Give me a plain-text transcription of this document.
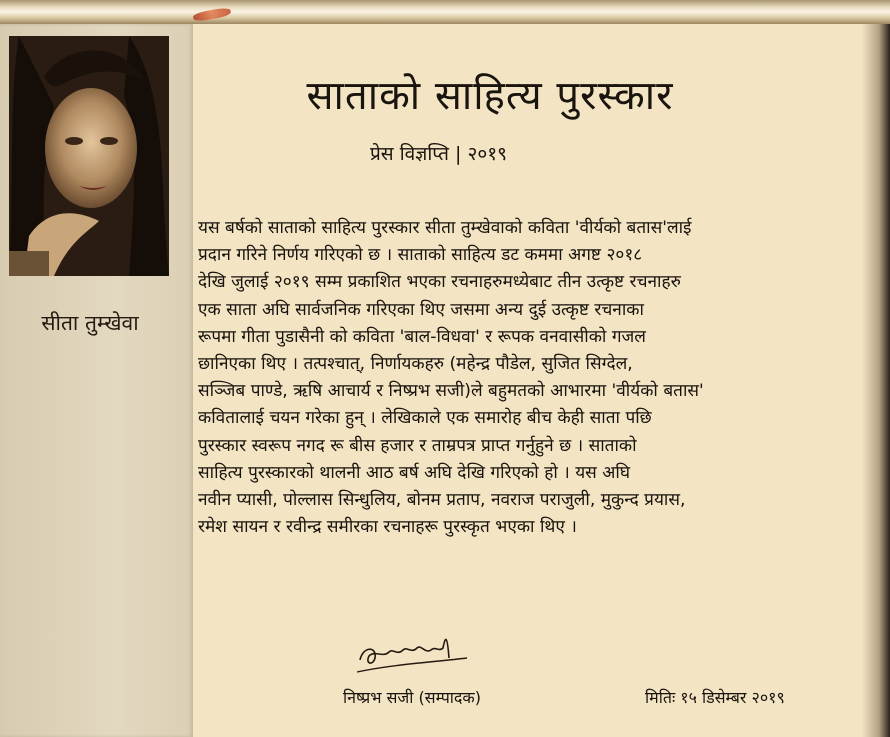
सीता तुम्खेवा
साताको साहित्य पुरस्कार
प्रेस विज्ञप्ति | २०१९
यस बर्षको साताको साहित्य पुरस्कार सीता तुम्खेवाको कविता 'वीर्यको बतास'लाई
प्रदान गरिने निर्णय गरिएको छ । साताको साहित्य डट कममा अगष्ट २०१८
देखि जुलाई २०१९ सम्म प्रकाशित भएका रचनाहरुमध्येबाट तीन उत्कृष्ट रचनाहरु
एक साता अघि सार्वजनिक गरिएका थिए जसमा अन्य दुई उत्कृष्ट रचनाका
रूपमा गीता पुडासैनी को कविता 'बाल-विधवा' र रूपक वनवासीको गजल
छानिएका थिए । तत्पश्चात्, निर्णायकहरु (महेन्द्र पौडेल, सुजित सिग्देल,
सञ्जिब पाण्डे, ऋषि आचार्य र निष्प्रभ सजी)ले बहुमतको आभारमा 'वीर्यको बतास'
कवितालाई चयन गरेका हुन् । लेखिकाले एक समारोह बीच केही साता पछि
पुरस्कार स्वरूप नगद रू बीस हजार र ताम्रपत्र प्राप्त गर्नुहुने छ । साताको
साहित्य पुरस्कारको थालनी आठ बर्ष अघि देखि गरिएको हो । यस अघि
नवीन प्यासी, पोल्लास सिन्धुलिय, बोनम प्रताप, नवराज पराजुली, मुकुन्द प्रयास,
रमेश सायन र रवीन्द्र समीरका रचनाहरू पुरस्कृत भएका थिए ।
निष्प्रभ सजी (सम्पादक)	मितिः १५ डिसेम्बर २०१९
